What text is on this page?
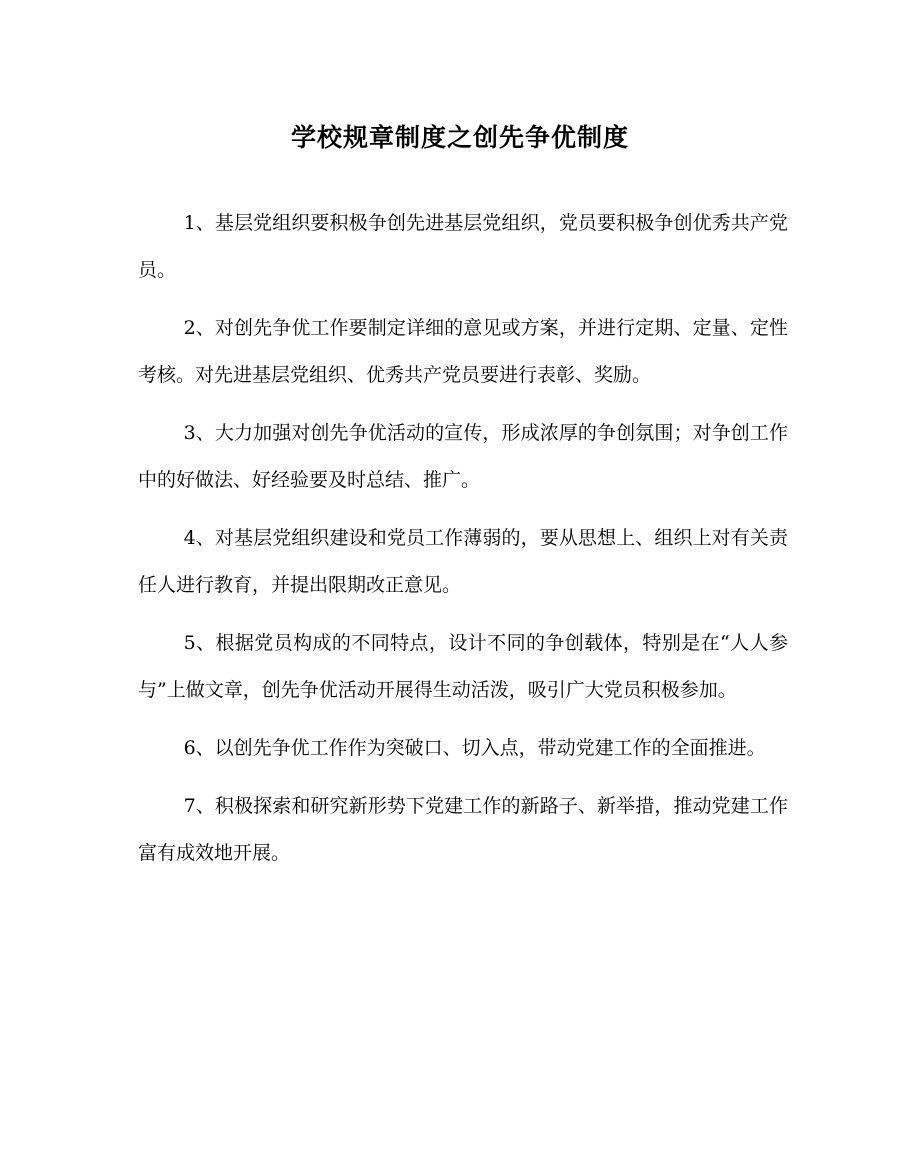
学校规章制度之创先争优制度

1、基层党组织要积极争创先进基层党组织，党员要积极争创优秀共产党员。

2、对创先争优工作要制定详细的意见或方案，并进行定期、定量、定性考核。对先进基层党组织、优秀共产党员要进行表彰、奖励。

3、大力加强对创先争优活动的宣传，形成浓厚的争创氛围；对争创工作中的好做法、好经验要及时总结、推广。

4、对基层党组织建设和党员工作薄弱的，要从思想上、组织上对有关责任人进行教育，并提出限期改正意见。

5、根据党员构成的不同特点，设计不同的争创载体，特别是在“人人参与”上做文章，创先争优活动开展得生动活泼，吸引广大党员积极参加。

6、以创先争优工作作为突破口、切入点，带动党建工作的全面推进。

7、积极探索和研究新形势下党建工作的新路子、新举措，推动党建工作富有成效地开展。
